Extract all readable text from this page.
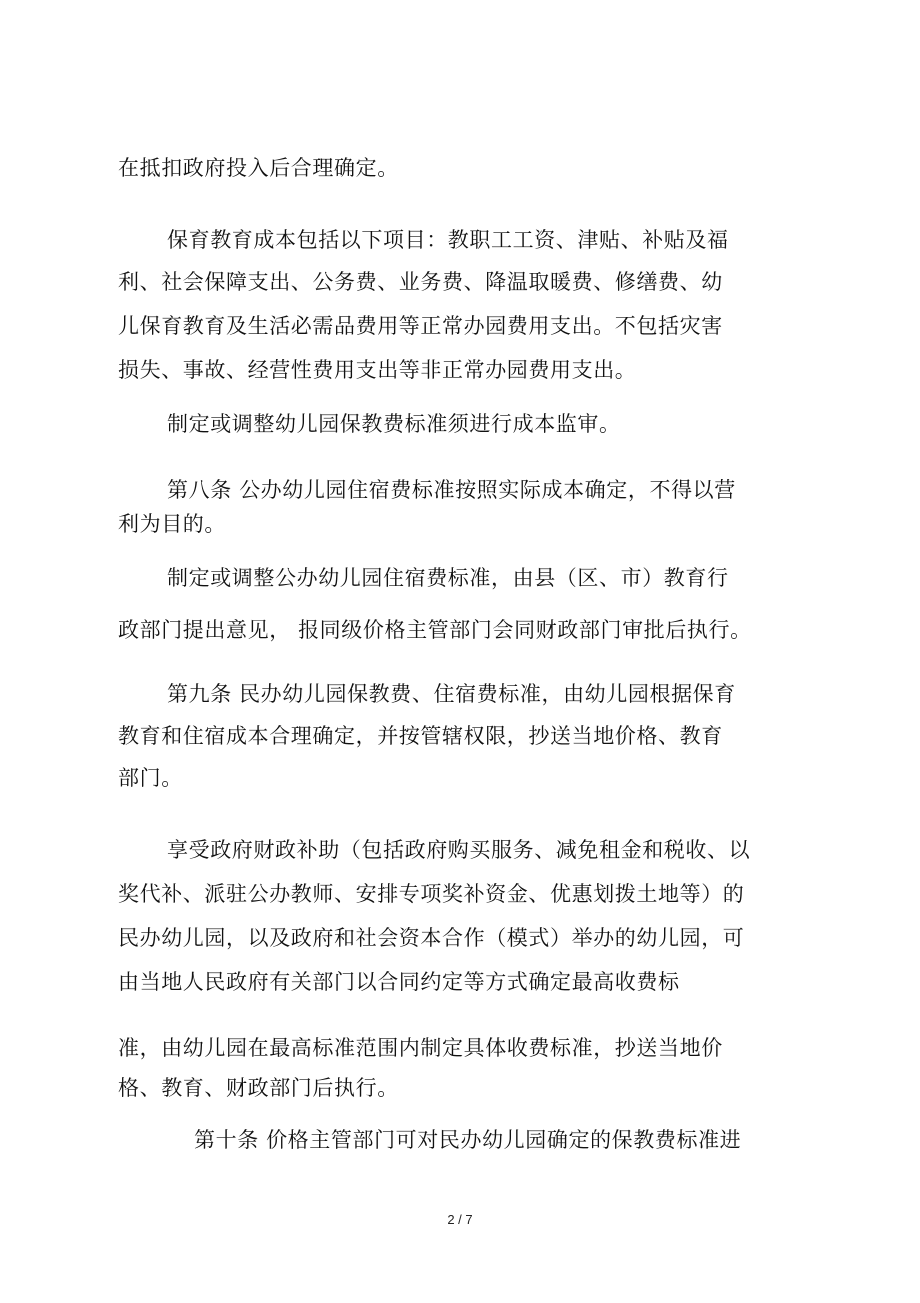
在抵扣政府投入后合理确定。
保育教育成本包括以下项目：教职工工资、津贴、补贴及福
利、社会保障支出、公务费、业务费、降温取暖费、修缮费、幼
儿保育教育及生活必需品费用等正常办园费用支出。不包括灾害
损失、事故、经营性费用支出等非正常办园费用支出。
制定或调整幼儿园保教费标准须进行成本监审。
第八条 公办幼儿园住宿费标准按照实际成本确定，不得以营
利为目的。
制定或调整公办幼儿园住宿费标准，由县（区、市）教育行
政部门提出意见， 报同级价格主管部门会同财政部门审批后执行。
第九条 民办幼儿园保教费、住宿费标准，由幼儿园根据保育
教育和住宿成本合理确定，并按管辖权限，抄送当地价格、教育
部门。
享受政府财政补助（包括政府购买服务、减免租金和税收、以
奖代补、派驻公办教师、安排专项奖补资金、优惠划拨土地等）的
民办幼儿园，以及政府和社会资本合作（模式）举办的幼儿园，可
由当地人民政府有关部门以合同约定等方式确定最高收费标
准，由幼儿园在最高标准范围内制定具体收费标准，抄送当地价
格、教育、财政部门后执行。
第十条 价格主管部门可对民办幼儿园确定的保教费标准进
2 / 7
